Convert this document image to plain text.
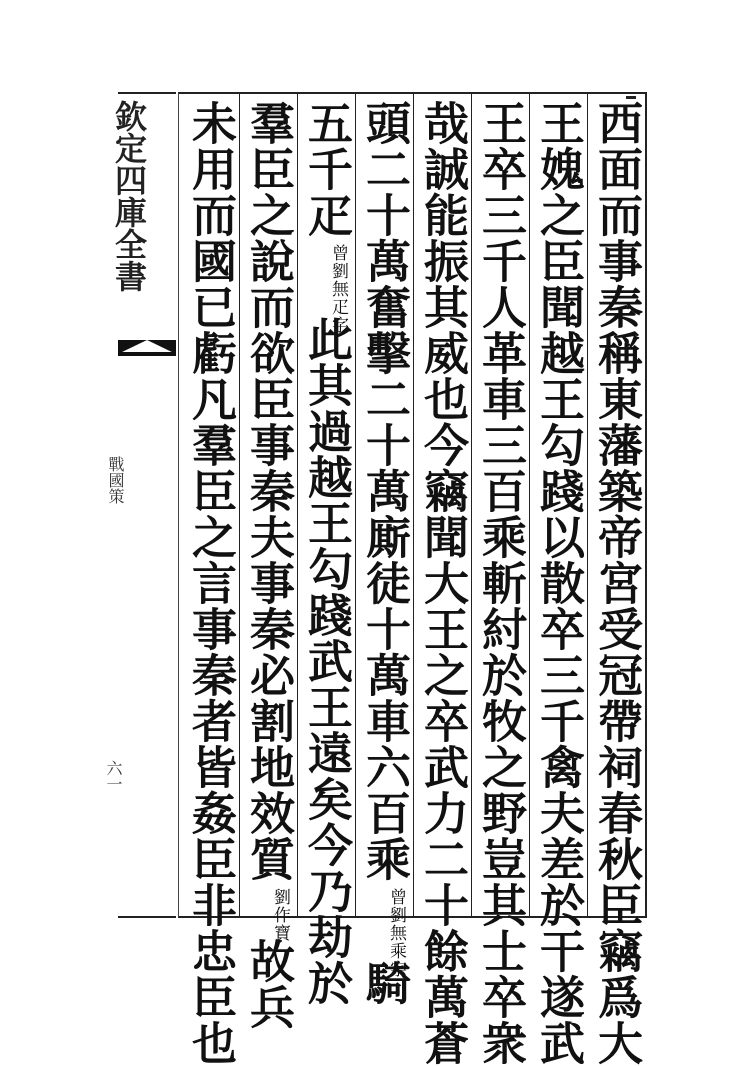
欽定四庫全書
戰國策
六一	西面而事秦稱東藩築帝宮受冠帶祠春秋臣竊爲大
王媿之臣聞越王勾踐以散卒三千禽夫差於干遂武
王卒三千人革車三百乘斬紂於牧之野豈其士卒衆
哉誠能振其威也今竊聞大王之卒武力二十餘萬蒼
頭二十萬奮擊二十萬廝徒十萬車六百乘曾劉無乘字騎
五千疋曾劉無疋字此其過越王勾踐武王遠矣今乃劫於
羣臣之說而欲臣事秦夫事秦必割地效質劉作寶故兵
未用而國已虧凡羣臣之言事秦者皆姦臣非忠臣也
